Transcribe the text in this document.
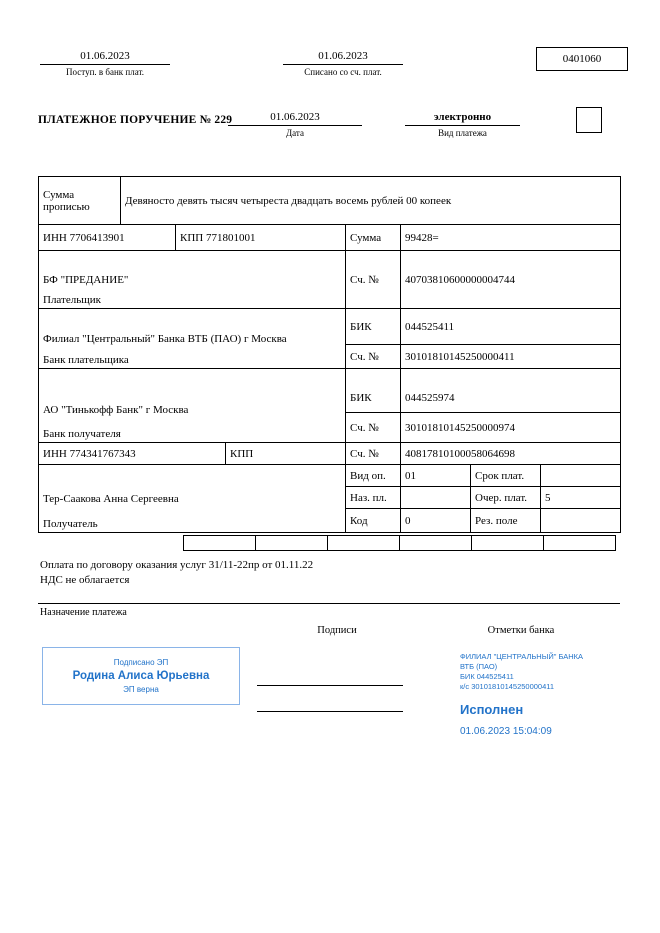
01.06.2023
Поступ. в банк плат.
01.06.2023
Списано со сч. плат.
0401060
ПЛАТЕЖНОЕ ПОРУЧЕНИЕ № 229	01.06.2023
Дата
электронно
Вид платежа
Сумма прописью	Девяносто девять тысяч четыреста двадцать восемь рублей 00 копеек						
ИНН 7706413901		КПП 771801001		Сумма	99428=		

БФ "ПРЕДАНИЕ"
Плательщик				Сч. №	40703810600000004744		

Филиал "Центральный" Банка ВТБ (ПАО) г Москва
Банк плательщика				БИК	044525411		
				Сч. №	30101810145250000411		

АО "Тинькофф Банк" г Москва
Банк получателя				БИК	044525974		
				Сч. №	30101810145250000974		
ИНН 774341767343			КПП	Сч. №	40817810100058064698		

Тер-Саакова Анна Сергеевна
Получатель				Вид оп.	01	Срок плат.	
				Наз. пл.		Очер. плат.	5
				Код	0	Рез. поле	
Оплата по договору оказания услуг 31/11-22пр от 01.11.22
НДС не облагается
Назначение платежа
Подписи	Отметки банка
Подписано ЭП
Родина Алиса Юрьевна
ЭП верна
ФИЛИАЛ "ЦЕНТРАЛЬНЫЙ" БАНКА
ВТБ (ПАО)
БИК 044525411
к/с 30101810145250000411
Исполнен
01.06.2023 15:04:09
